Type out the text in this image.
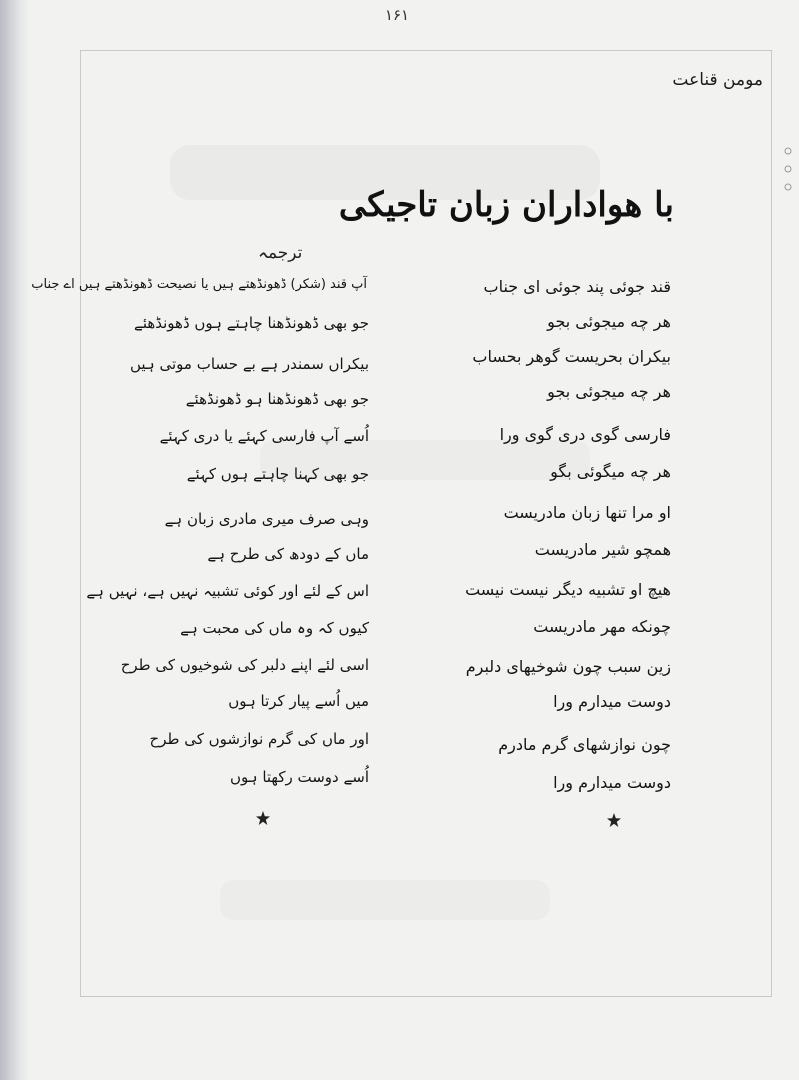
۱۶۱
مومن قناعت
با هواداران زبان تاجیکی
ترجمہ
قند جوئی پند جوئی ای جناب
هر چه میجوئی بجو
بیکران بحریست گوهر بحساب
هر چه میجوئی بجو
فارسی گوی دری گوی ورا
هر چه میگوئی بگو
او مرا تنها زبان مادریست
همچو شیر مادریست
هیچ او تشبیه دیگر نیست نیست
چونکه مهر مادریست
زین سبب چون شوخیهای دلبرم
دوست میدارم ورا
چون نوازشهای گرم مادرم
دوست میدارم ورا
آپ قند (شکر) ڈھونڈھتے ہیں یا نصیحت ڈھونڈھتے ہیں اے جناب
جو بھی ڈھونڈھنا چاہتے ہوں ڈھونڈھئے
بیکراں سمندر ہے بے حساب موتی ہیں
جو بھی ڈھونڈھنا ہو ڈھونڈھئے
اُسے آپ فارسی کہئے یا دری کہئے
جو بھی کہنا چاہتے ہوں کہئے
وہی صرف میری مادری زبان ہے
ماں کے دودھ کی طرح ہے
اس کے لئے اور کوئی تشبیہ نہیں ہے، نہیں ہے
کیوں کہ وہ ماں کی محبت ہے
اسی لئے اپنے دلبر کی شوخیوں کی طرح
میں اُسے پیار کرتا ہوں
اور ماں کی گرم نوازشوں کی طرح
اُسے دوست رکھتا ہوں
